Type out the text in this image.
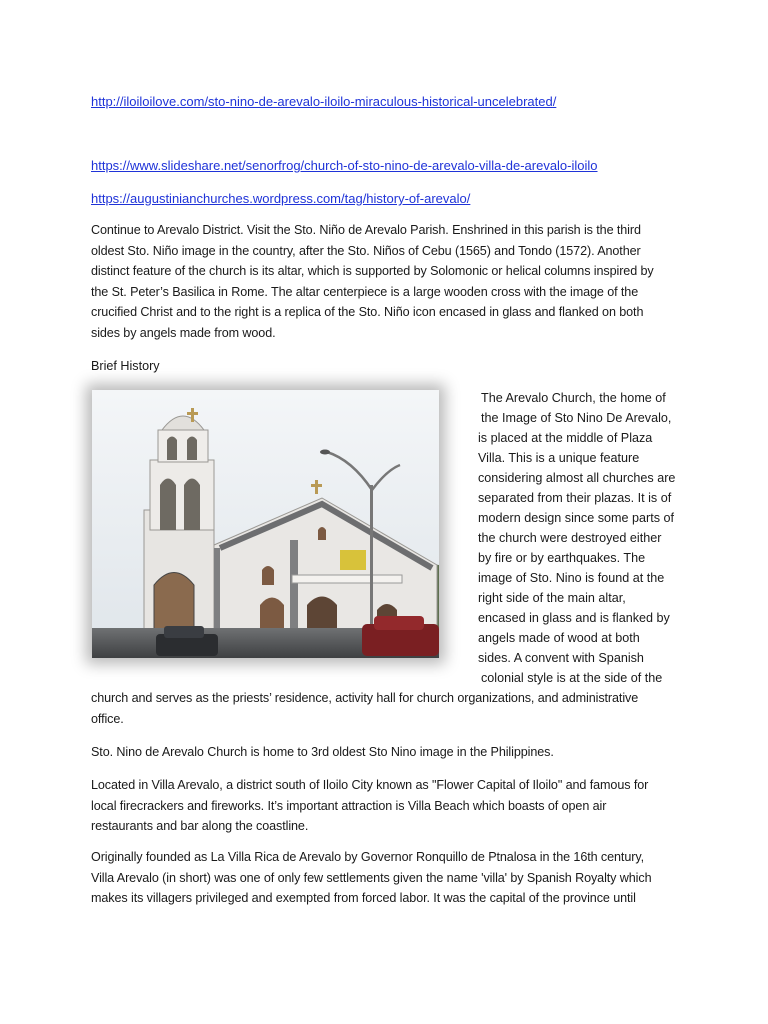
http://iloiloilove.com/sto-nino-de-arevalo-iloilo-miraculous-historical-uncelebrated/
https://www.slideshare.net/senorfrog/church-of-sto-nino-de-arevalo-villa-de-arevalo-iloilo
https://augustinianchurches.wordpress.com/tag/history-of-arevalo/
Continue to Arevalo District. Visit the Sto. Niño de Arevalo Parish. Enshrined in this parish is the third
oldest Sto. Niño image in the country, after the Sto. Niños of Cebu (1565) and Tondo (1572). Another
distinct feature of the church is its altar, which is supported by Solomonic or helical columns inspired by
the St. Peter’s Basilica in Rome. The altar centerpiece is a large wooden cross with the image of the
crucified Christ and to the right is a replica of the Sto. Niño icon encased in glass and flanked on both
sides by angels made from wood.
Brief History
The Arevalo Church, the home of
the Image of Sto Nino De Arevalo,
is placed at the middle of Plaza
Villa. This is a unique feature
considering almost all churches are
separated from their plazas. It is of
modern design since some parts of
the church were destroyed either
by fire or by earthquakes. The
image of Sto. Nino is found at the
right side of the main altar,
encased in glass and is flanked by
angels made of wood at both
sides. A convent with Spanish
colonial style is at the side of the
church and serves as the priests’ residence, activity hall for church organizations, and administrative
office.
Sto. Nino de Arevalo Church is home to 3rd oldest Sto Nino image in the Philippines.
Located in Villa Arevalo, a district south of Iloilo City known as "Flower Capital of Iloilo" and famous for
local firecrackers and fireworks. It’s important attraction is Villa Beach which boasts of open air
restaurants and bar along the coastline.
Originally founded as La Villa Rica de Arevalo by Governor Ronquillo de Ptnalosa in the 16th century,
Villa Arevalo (in short) was one of only few settlements given the name 'villa' by Spanish Royalty which
makes its villagers privileged and exempted from forced labor. It was the capital of the province until
